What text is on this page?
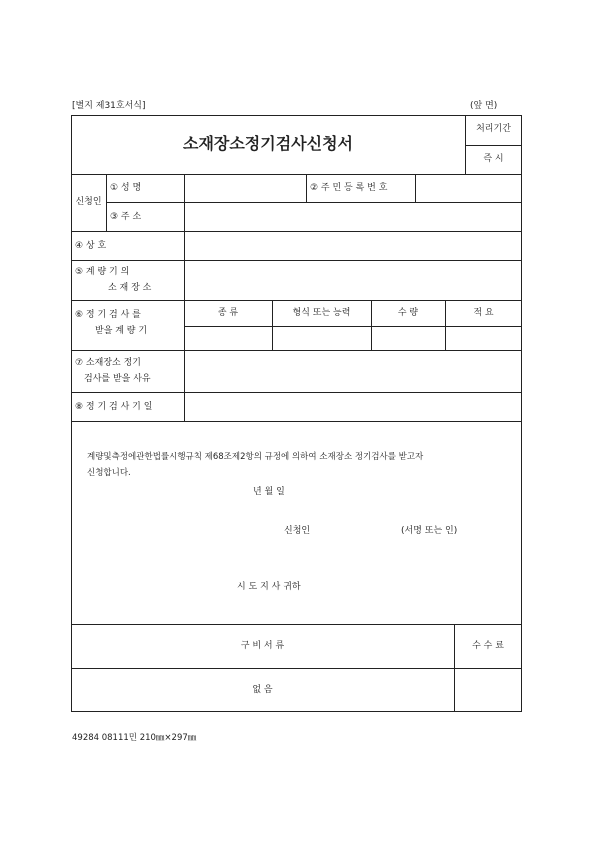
[별지 제31호서식]	(앞 면)
소재장소정기검사신청서
처리기간
즉 시
신청인
① 성 명	② 주 민 등 록 번 호
③ 주 소
④ 상 호
⑤ 계 량 기 의
소 재 장 소
⑥ 정 기 검 사 를
받을 계 량 기
종 류	형식 또는 능력	수 량	적 요
⑦ 소재장소 정기
검사를 받을 사유
⑧ 정 기 검 사 기 일
계량및측정에관한법률시행규칙 제68조제2항의 규정에 의하여 소재장소 정기검사를 받고자
신청합니다.
년 월 일
신청인	(서명 또는 인)
시 도 지 사 귀하
구 비 서 류	수 수 료
없 음
49284 08111민 210㎜×297㎜
